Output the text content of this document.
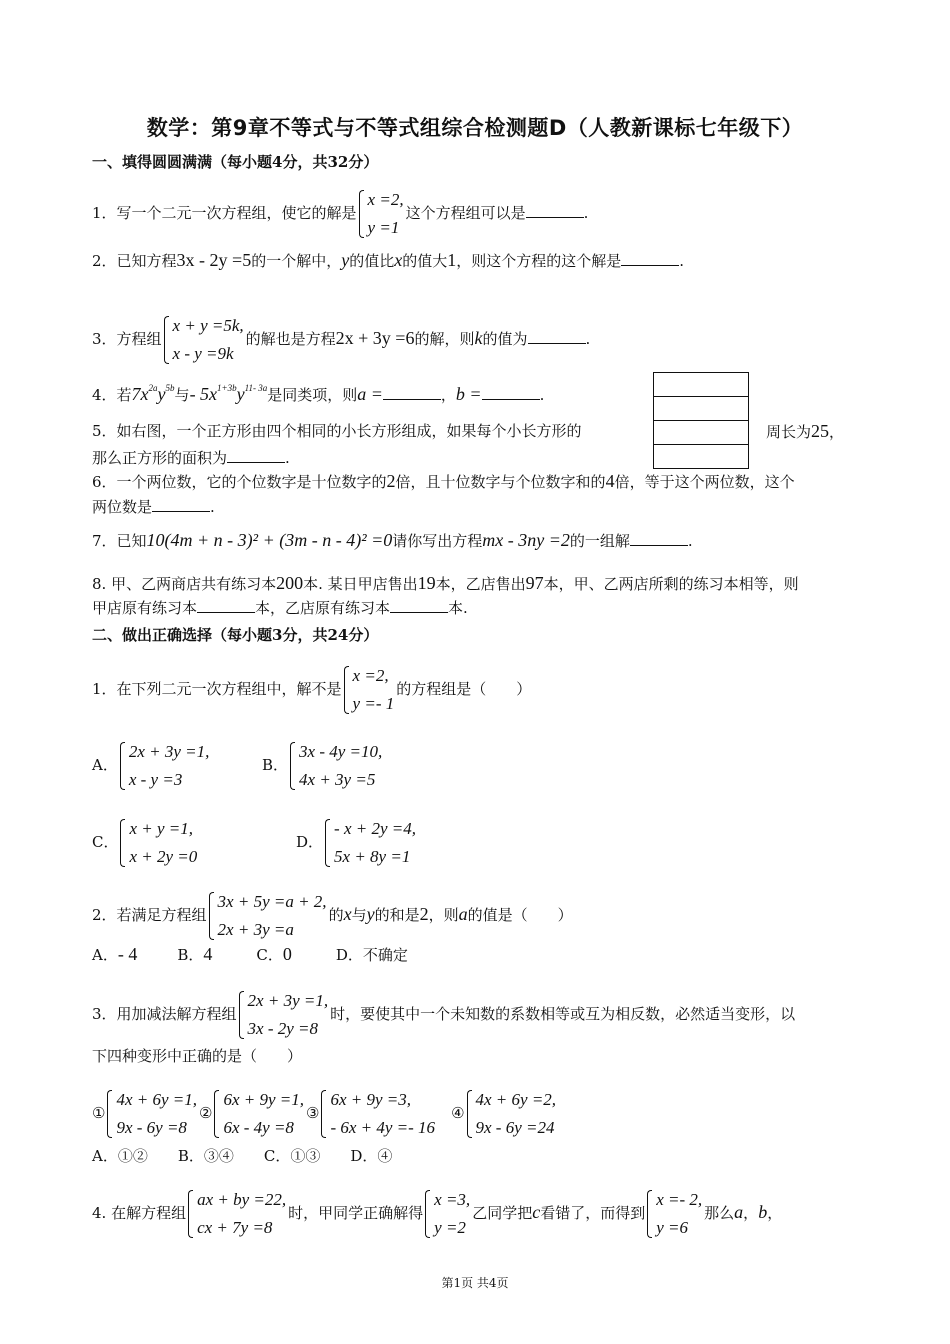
数学：第9章不等式与不等式组综合检测题D（人教新课标七年级下）
一、填得圆圆满满（每小题4分，共32分）
1．写一个二元一次方程组，使它的解是
x =2,
y =1
这个方程组可以是	.
2．已知方程3x - 2y =5的一个解中，y的值比x的值大1，则这个方程的这个解是	.
3．方程组
x + y =5k,
x - y =9k
的解也是方程2x + 3y =6的解，则k的值为	.
4．若$7x^{2a}y^{5b}$与- $5x^{1+3b}y^{11- 3a}$是同类项，则a =	，b =	.
5．如右图，一个正方形由四个相同的小长方形组成，如果每个小长方形的	周长为25，
那么正方形的面积为	.
6．一个两位数，它的个位数字是十位数字的2倍，且十位数字与个位数字和的4倍，等于这个两位数，这个
两位数是	.
7．已知10(4m + n - 3)² + (3m - n - 4)² =0请你写出方程mx - 3ny =2的一组解	.
8. 甲、乙两商店共有练习本200本. 某日甲店售出19本，乙店售出97本，甲、乙两店所剩的练习本相等，则
甲店原有练习本	本，乙店原有练习本	本.
二、做出正确选择（每小题3分，共24分）
1．在下列二元一次方程组中，解不是
x =2,
y =- 1
的方程组是（　　）
A．
2x + 3y =1,
x - y =3
B．
3x - 4y =10,
4x + 3y =5
C．
x + y =1,
x + 2y =0
D．
- x + 2y =4,
5x + 8y =1
2．若满足方程组
3x + 5y =a + 2,
2x + 3y =a
的x与y的和是2，则a的值是（　　）
A．- 4	B．4	C．0	D．不确定
3．用加减法解方程组
2x + 3y =1,
3x - 2y =8
时，要使其中一个未知数的系数相等或互为相反数，必然适当变形，以
下四种变形中正确的是（　　）
①
4x + 6y =1,
9x - 6y =8
②
6x + 9y =1,
6x - 4y =8
③
6x + 9y =3,
- 6x + 4y =- 16
④
4x + 6y =2,
9x - 6y =24
A．①②　　B．③④　　C．①③　　D．④
4. 在解方程组
ax + by =22,
cx + 7y =8
时，甲同学正确解得
x =3,
y =2
乙同学把c看错了，而得到
x =- 2,
y =6
那么a，b，
第1页 共4页
